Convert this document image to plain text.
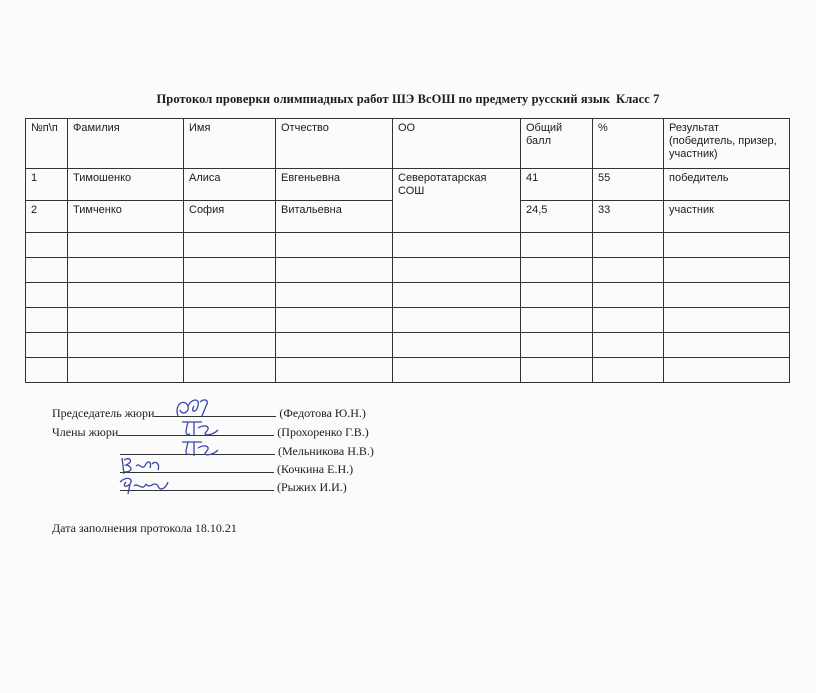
Протокол проверки олимпиадных работ ШЭ ВсОШ по предмету русский язык Класс 7
№п\п	Фамилия	Имя	Отчество	ОО	Общий балл	%	Результат (победитель, призер, участник)
1	Тимошенко	Алиса	Евгеньевна	Северотатарская СОШ	41	55	победитель
2	Тимченко	София	Витальевна		24,5	33	участник

Председатель жюри	(Федотова Ю.Н.)
Члены жюри	(Прохоренко Г.В.)
(Мельникова Н.В.)
(Кочкина Е.Н.)
(Рыжих И.И.)
Дата заполнения протокола 18.10.21
